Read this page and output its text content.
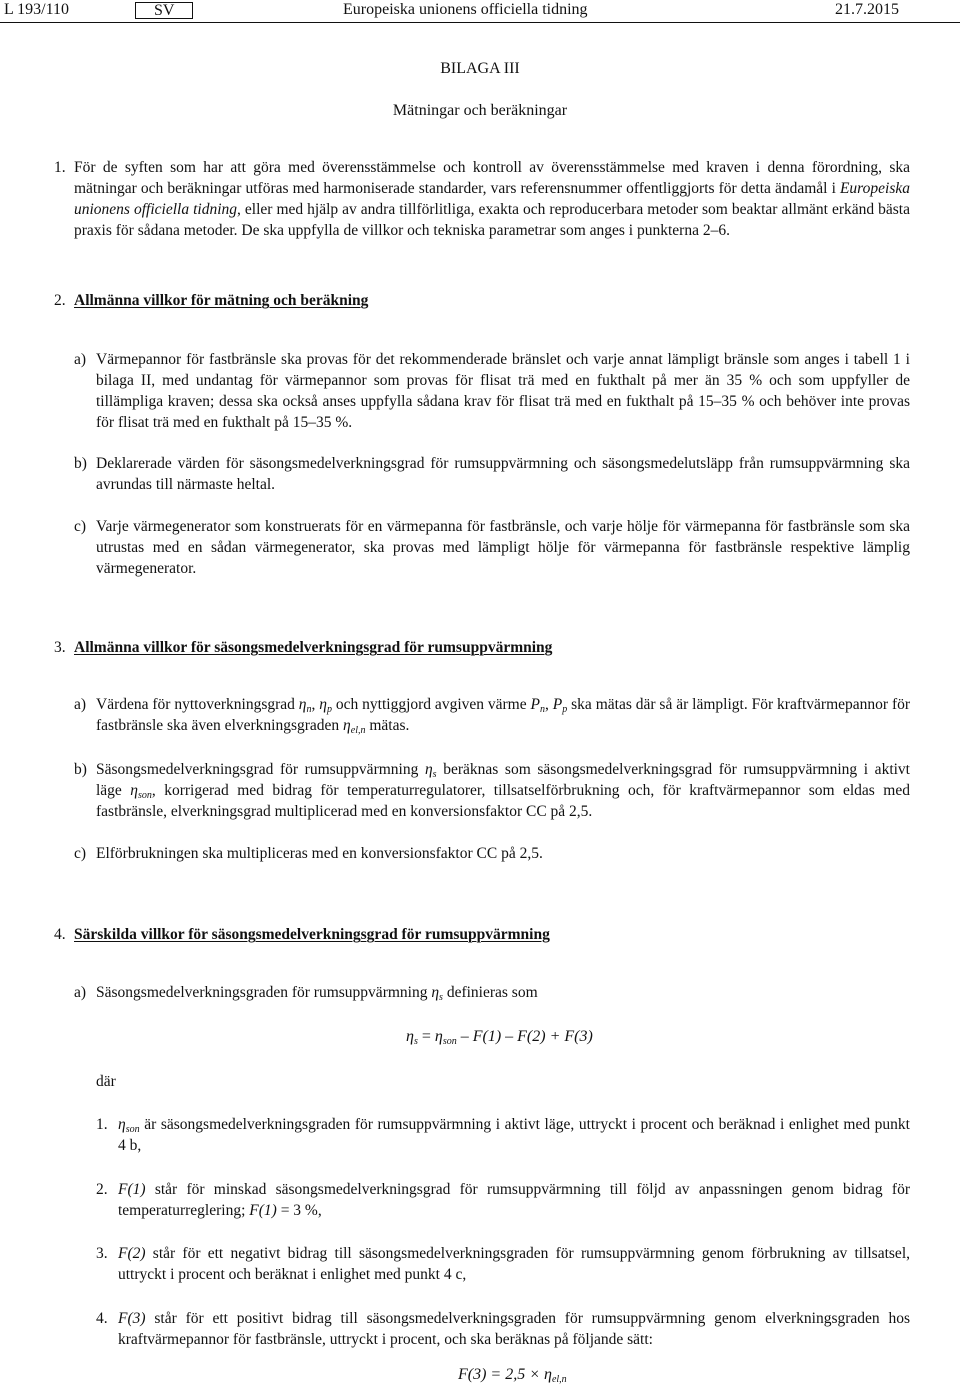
L 193/110	SV	Europeiska unionens officiella tidning	21.7.2015
BILAGA III
Mätningar och beräkningar
1. För de syften som har att göra med överensstämmelse och kontroll av överensstämmelse med kraven i denna förordning, ska mätningar och beräkningar utföras med harmoniserade standarder, vars referensnummer offentliggjorts för detta ändamål i Europeiska unionens officiella tidning, eller med hjälp av andra tillförlitliga, exakta och reproducerbara metoder som beaktar allmänt erkänd bästa praxis för sådana metoder. De ska uppfylla de villkor och tekniska parametrar som anges i punkterna 2–6.
2. Allmänna villkor för mätning och beräkning
a) Värmepannor för fastbränsle ska provas för det rekommenderade bränslet och varje annat lämpligt bränsle som anges i tabell 1 i bilaga II, med undantag för värmepannor som provas för flisat trä med en fukthalt på mer än 35 % och som uppfyller de tillämpliga kraven; dessa ska också anses uppfylla sådana krav för flisat trä med en fukthalt på 15–35 % och behöver inte provas för flisat trä med en fukthalt på 15–35 %.
b) Deklarerade värden för säsongsmedelverkningsgrad för rumsuppvärmning och säsongsmedelutsläpp från rumsuppvärmning ska avrundas till närmaste heltal.
c) Varje värmegenerator som konstruerats för en värmepanna för fastbränsle, och varje hölje för värmepanna för fastbränsle som ska utrustas med en sådan värmegenerator, ska provas med lämpligt hölje för värmepanna för fastbränsle respektive lämplig värmegenerator.
3. Allmänna villkor för säsongsmedelverkningsgrad för rumsuppvärmning
a) Värdena för nyttoverkningsgrad $\eta_n$, $\eta_p$ och nyttiggjord avgiven värme $P_n$, $P_p$ ska mätas där så är lämpligt. För kraftvärmepannor för fastbränsle ska även elverkningsgraden $\eta_{el,n}$ mätas.
b) Säsongsmedelverkningsgrad för rumsuppvärmning $\eta_s$ beräknas som säsongsmedelverkningsgrad för rumsuppvärmning i aktivt läge $\eta_{son}$, korrigerad med bidrag för temperaturregulatorer, tillsatselförbrukning och, för kraftvärmepannor som eldas med fastbränsle, elverkningsgrad multiplicerad med en konversionsfaktor CC på 2,5.
c) Elförbrukningen ska multipliceras med en konversionsfaktor CC på 2,5.
4. Särskilda villkor för säsongsmedelverkningsgrad för rumsuppvärmning
a) Säsongsmedelverkningsgraden för rumsuppvärmning $\eta_s$ definieras som
$\eta_s = \eta_{son} - F(1) - F(2) + F(3)$
där
1. $\eta_{son}$ är säsongsmedelverkningsgraden för rumsuppvärmning i aktivt läge, uttryckt i procent och beräknad i enlighet med punkt 4 b,
2. F(1) står för minskad säsongsmedelverkningsgrad för rumsuppvärmning till följd av anpassningen genom bidrag för temperaturreglering; F(1) = 3 %,
3. F(2) står för ett negativt bidrag till säsongsmedelverkningsgraden för rumsuppvärmning genom förbrukning av tillsatsel, uttryckt i procent och beräknat i enlighet med punkt 4 c,
4. F(3) står för ett positivt bidrag till säsongsmedelverkningsgraden för rumsuppvärmning genom elverkningsgraden hos kraftvärmepannor för fastbränsle, uttryckt i procent, och ska beräknas på följande sätt:
$F(3) = 2,5 \times \eta_{el,n}$
